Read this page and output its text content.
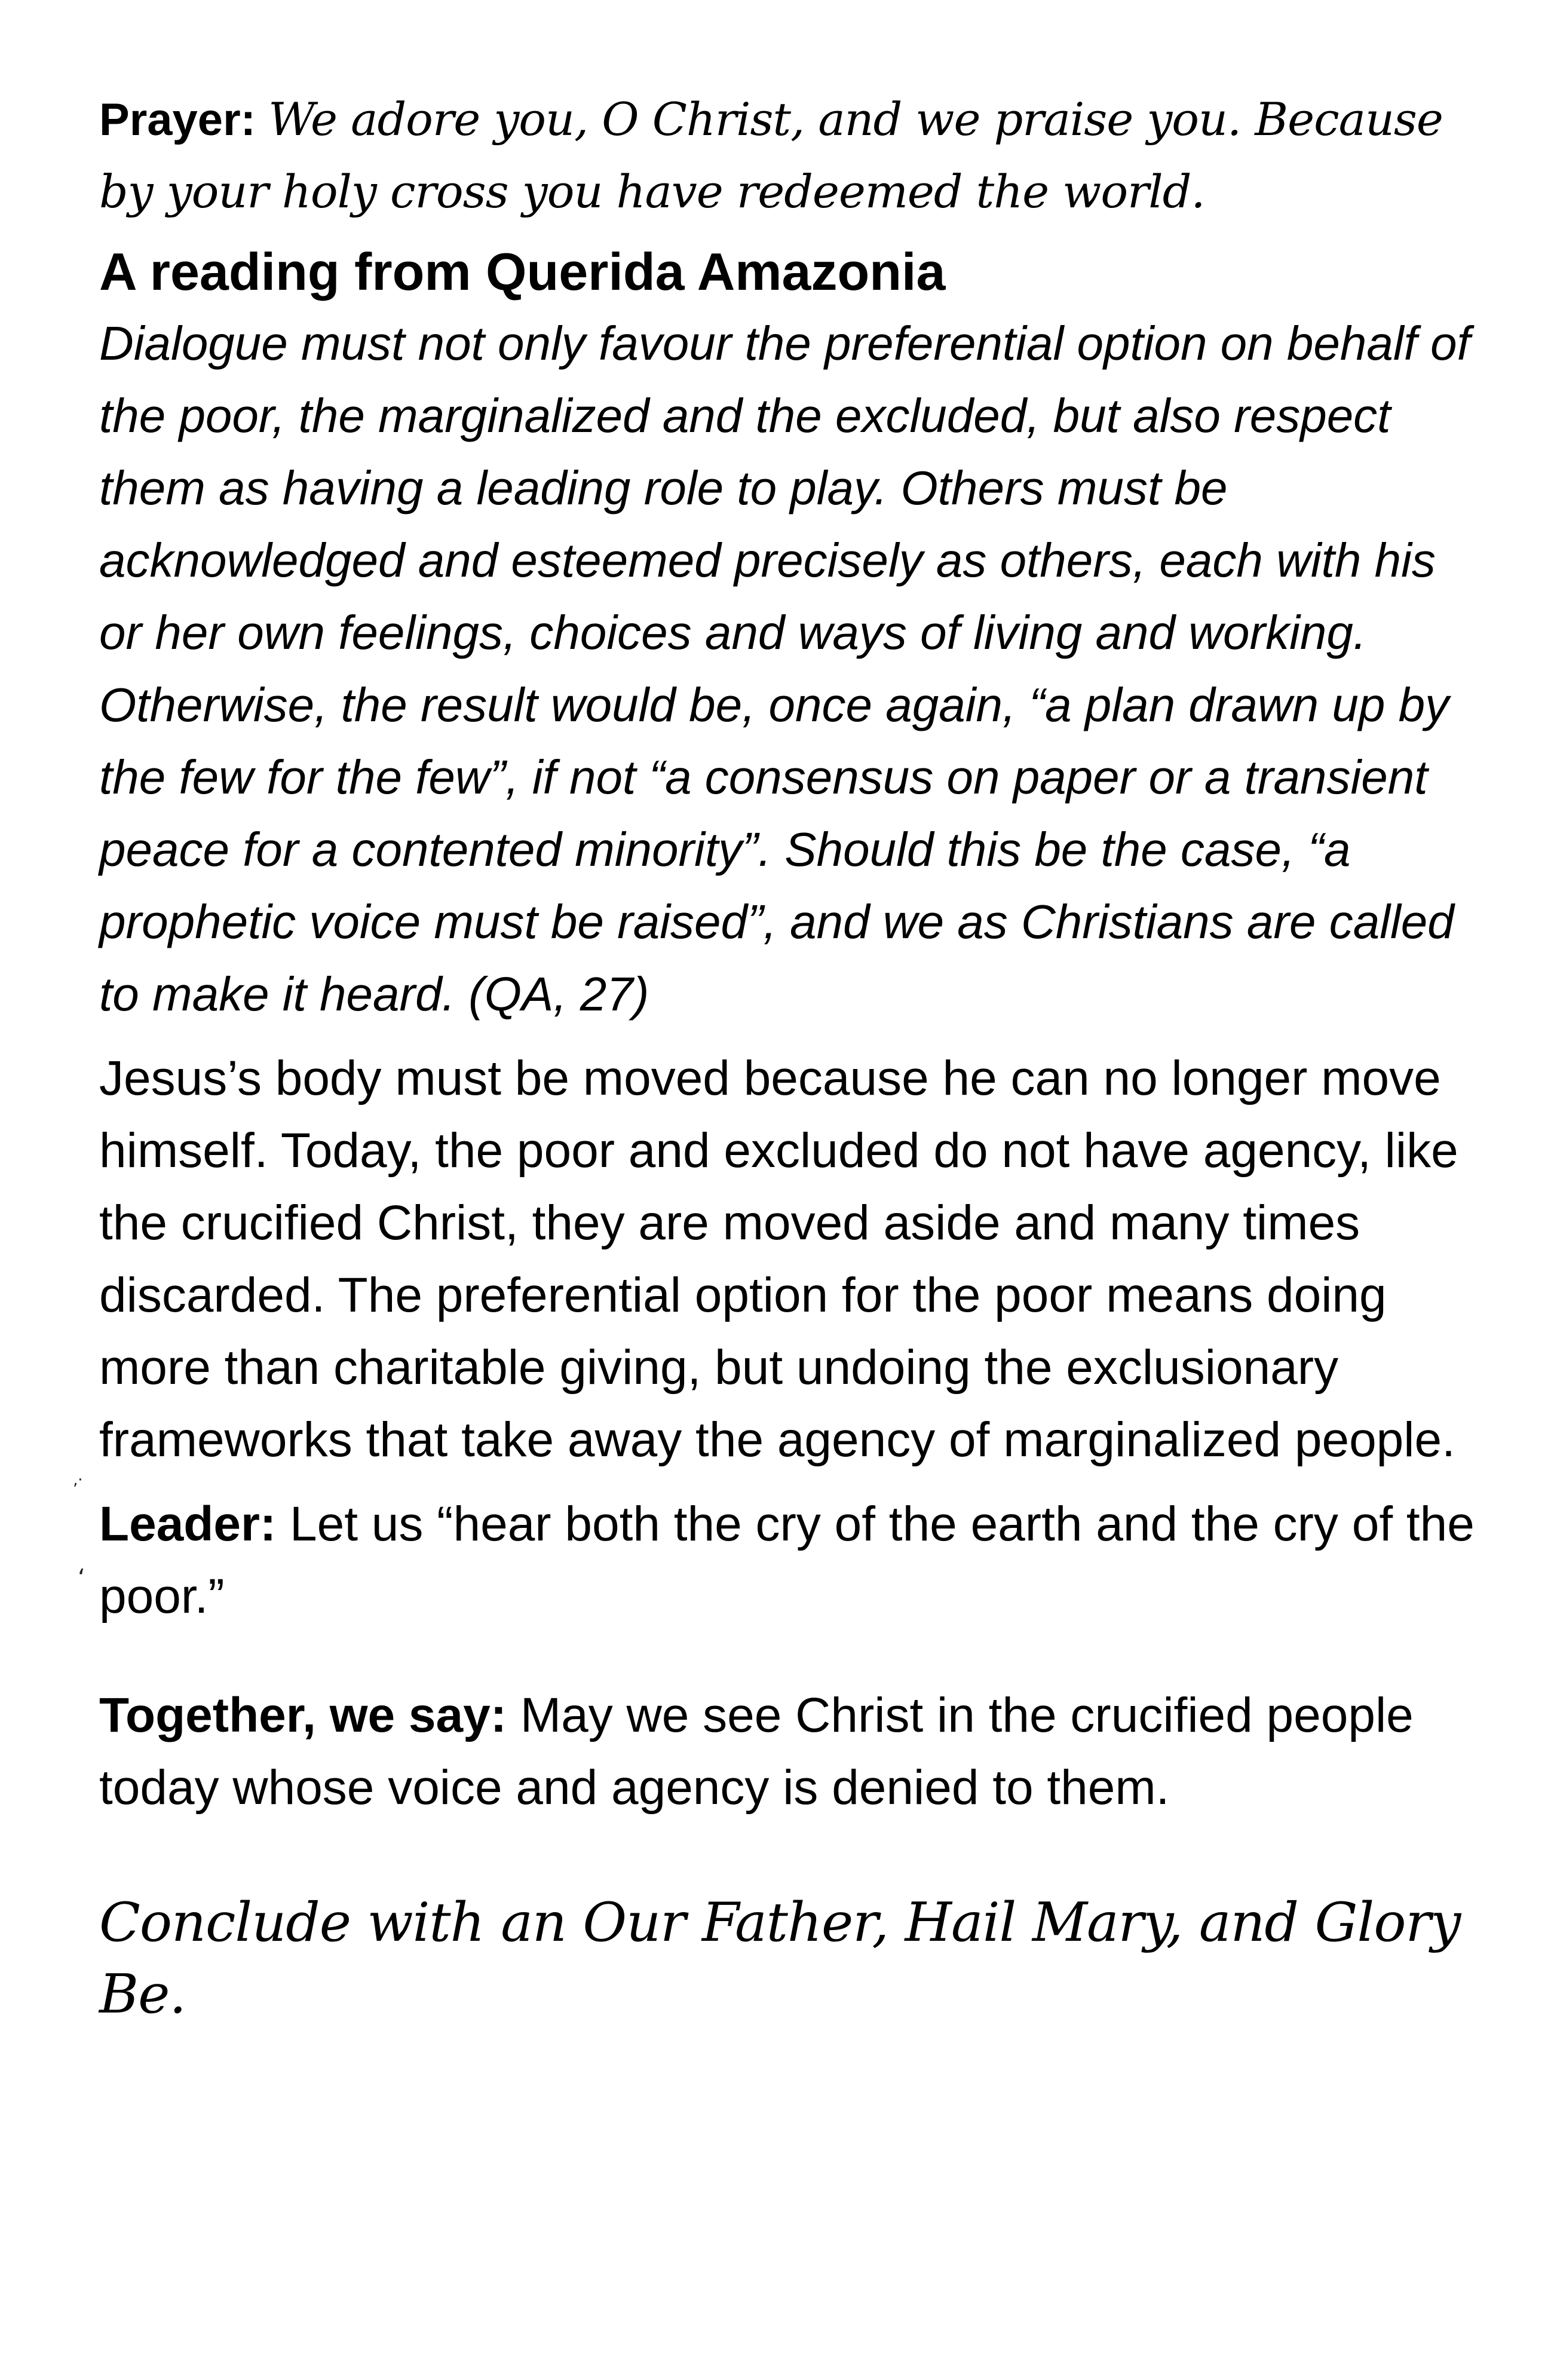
Prayer: We adore you, O Christ, and we praise you. Because by your holy cross you have redeemed the world.

A reading from Querida Amazonia

Dialogue must not only favour the preferential option on behalf of the poor, the marginalized and the excluded, but also respect them as having a leading role to play. Others must be acknowledged and esteemed precisely as others, each with his or her own feelings, choices and ways of living and working. Otherwise, the result would be, once again, “a plan drawn up by the few for the few”, if not “a consensus on paper or a transient peace for a contented minority”. Should this be the case, “a prophetic voice must be raised”, and we as Christians are called to make it heard. (QA, 27)

Jesus’s body must be moved because he can no longer move himself. Today, the poor and excluded do not have agency, like the crucified Christ, they are moved aside and many times discarded. The preferential option for the poor means doing more than charitable giving, but undoing the exclusionary frameworks that take away the agency of marginalized people.

Leader: Let us “hear both the cry of the earth and the cry of the poor.”

Together, we say: May we see Christ in the crucified people today whose voice and agency is denied to them.

Conclude with an Our Father, Hail Mary, and Glory Be.

‚·
ʻ
